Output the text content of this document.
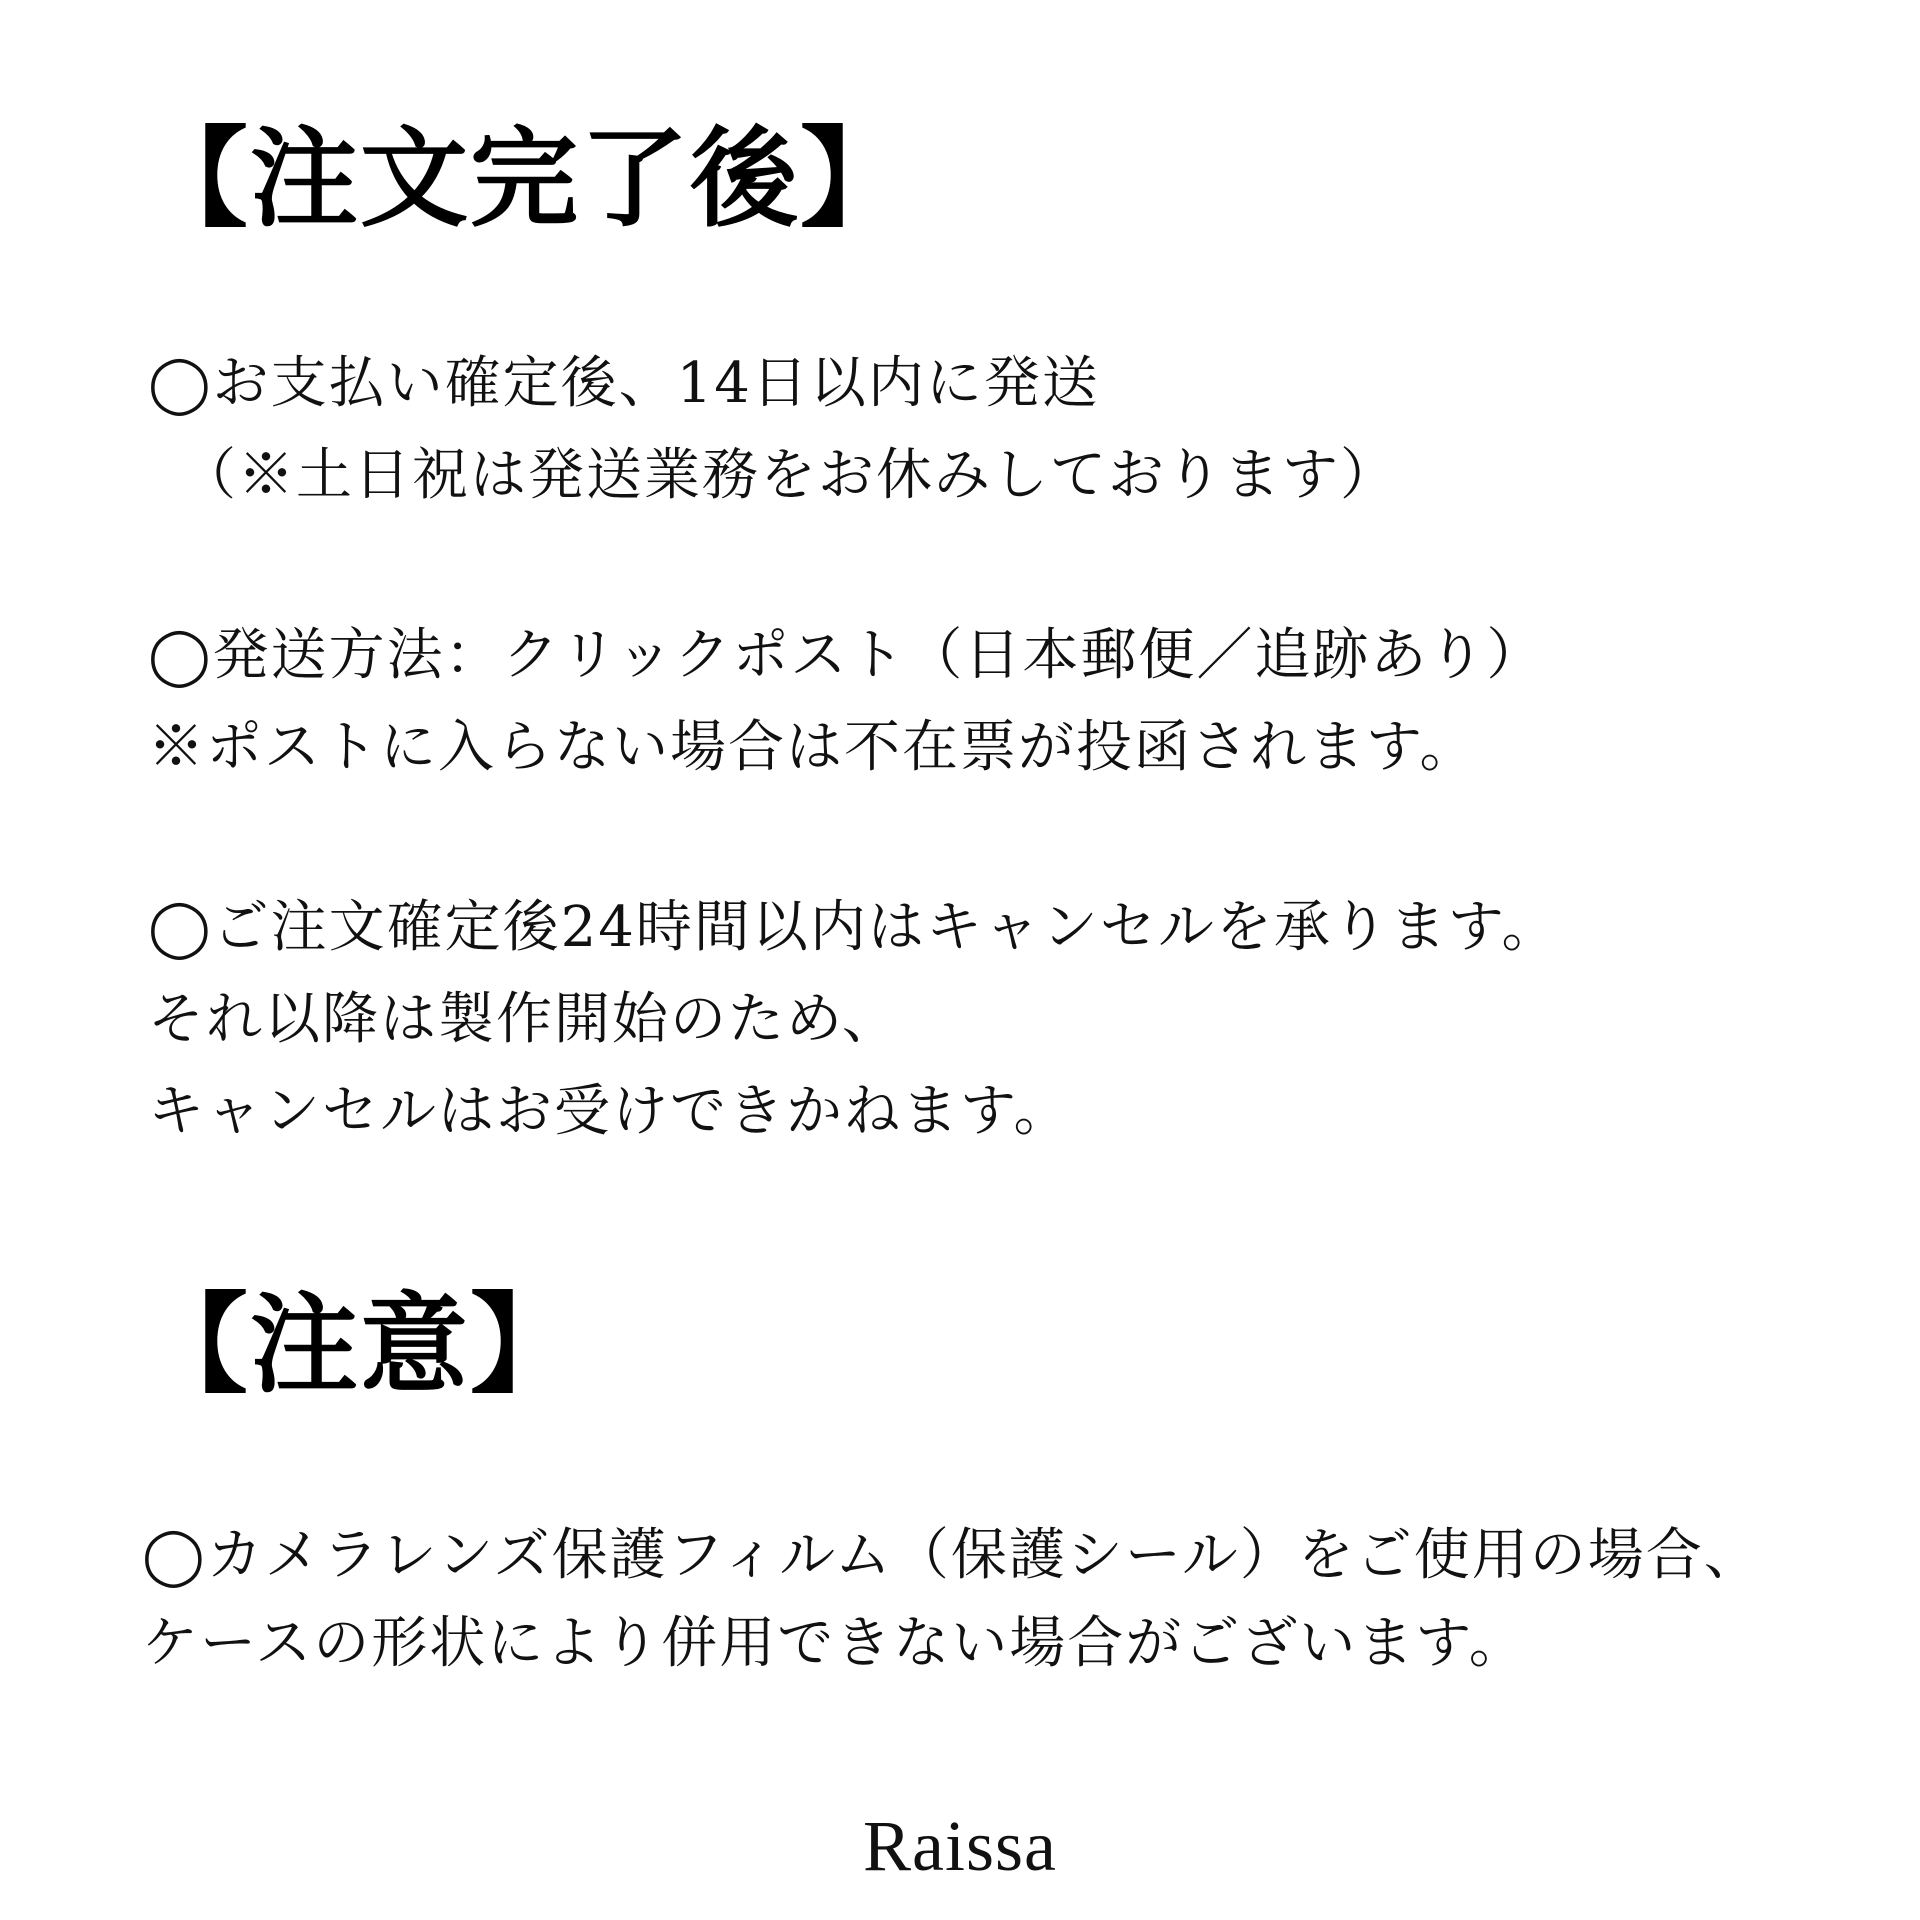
【注文完了後】
◯お支払い確定後、14日以内に発送
（※土日祝は発送業務をお休みしております）
◯発送方法：クリックポスト（日本郵便／追跡あり）
※ポストに入らない場合は不在票が投函されます。
◯ご注文確定後24時間以内はキャンセルを承ります。
それ以降は製作開始のため、
キャンセルはお受けできかねます。
【注意】
◯カメラレンズ保護フィルム（保護シール）をご使用の場合、
ケースの形状により併用できない場合がございます。
Raissa
